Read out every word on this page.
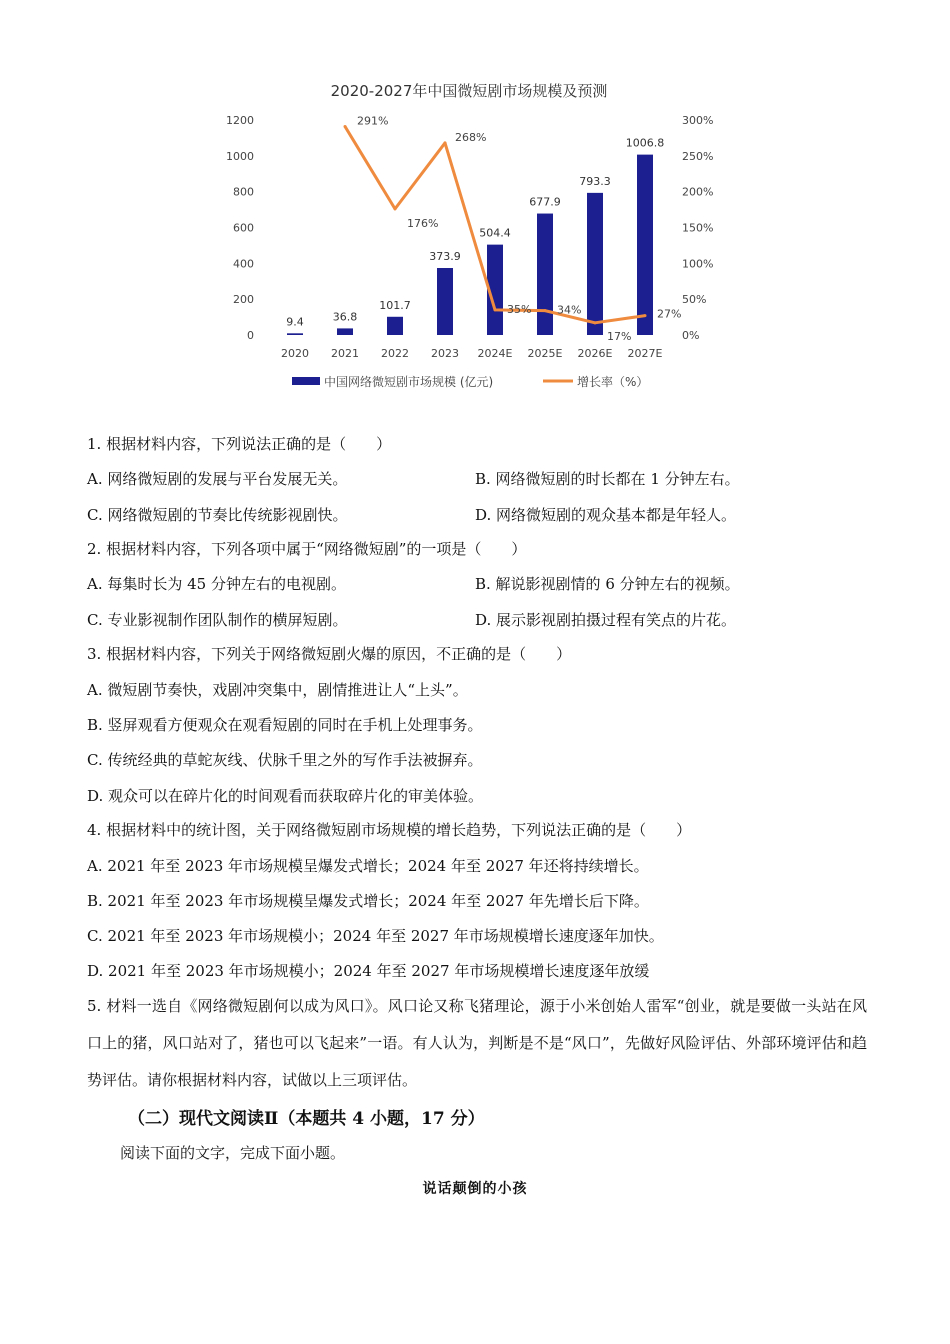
2020-2027年中国微短剧市场规模及预测
0
200
400
600
800
1000
1200
0%
50%
100%
150%
200%
250%
300%
9.4	36.8
101.7
373.9
504.4
677.9
793.3
1006.8
2020 2021 2022 2023 2024E 2025E 2026E 2027E
291%
176%
268%
35% 34%
17%
27%
中国网络微短剧市场规模 (亿元)	增长率（%）
1. 根据材料内容，下列说法正确的是（　　）
A. 网络微短剧的发展与平台发展无关。	B. 网络微短剧的时长都在 1 分钟左右。
C. 网络微短剧的节奏比传统影视剧快。	D. 网络微短剧的观众基本都是年轻人。
2. 根据材料内容，下列各项中属于“网络微短剧”的一项是（　　）
A. 每集时长为 45 分钟左右的电视剧。	B. 解说影视剧情的 6 分钟左右的视频。
C. 专业影视制作团队制作的横屏短剧。	D. 展示影视剧拍摄过程有笑点的片花。
3. 根据材料内容，下列关于网络微短剧火爆的原因，不正确的是（　　）
A. 微短剧节奏快，戏剧冲突集中，剧情推进让人“上头”。
B. 竖屏观看方便观众在观看短剧的同时在手机上处理事务。
C. 传统经典的草蛇灰线、伏脉千里之外的写作手法被摒弃。
D. 观众可以在碎片化的时间观看而获取碎片化的审美体验。
4. 根据材料中的统计图，关于网络微短剧市场规模的增长趋势，下列说法正确的是（　　）
A. 2021 年至 2023 年市场规模呈爆发式增长；2024 年至 2027 年还将持续增长。
B. 2021 年至 2023 年市场规模呈爆发式增长；2024 年至 2027 年先增长后下降。
C. 2021 年至 2023 年市场规模小；2024 年至 2027 年市场规模增长速度逐年加快。
D. 2021 年至 2023 年市场规模小；2024 年至 2027 年市场规模增长速度逐年放缓
5. 材料一选自《网络微短剧何以成为风口》。风口论又称飞猪理论，源于小米创始人雷军“创业，就是要做一头站在风口上的猪，风口站对了，猪也可以飞起来”一语。有人认为，判断是不是“风口”，先做好风险评估、外部环境评估和趋势评估。请你根据材料内容，试做以上三项评估。
（二）现代文阅读Ⅱ（本题共 4 小题，17 分）
阅读下面的文字，完成下面小题。
说话颠倒的小孩
